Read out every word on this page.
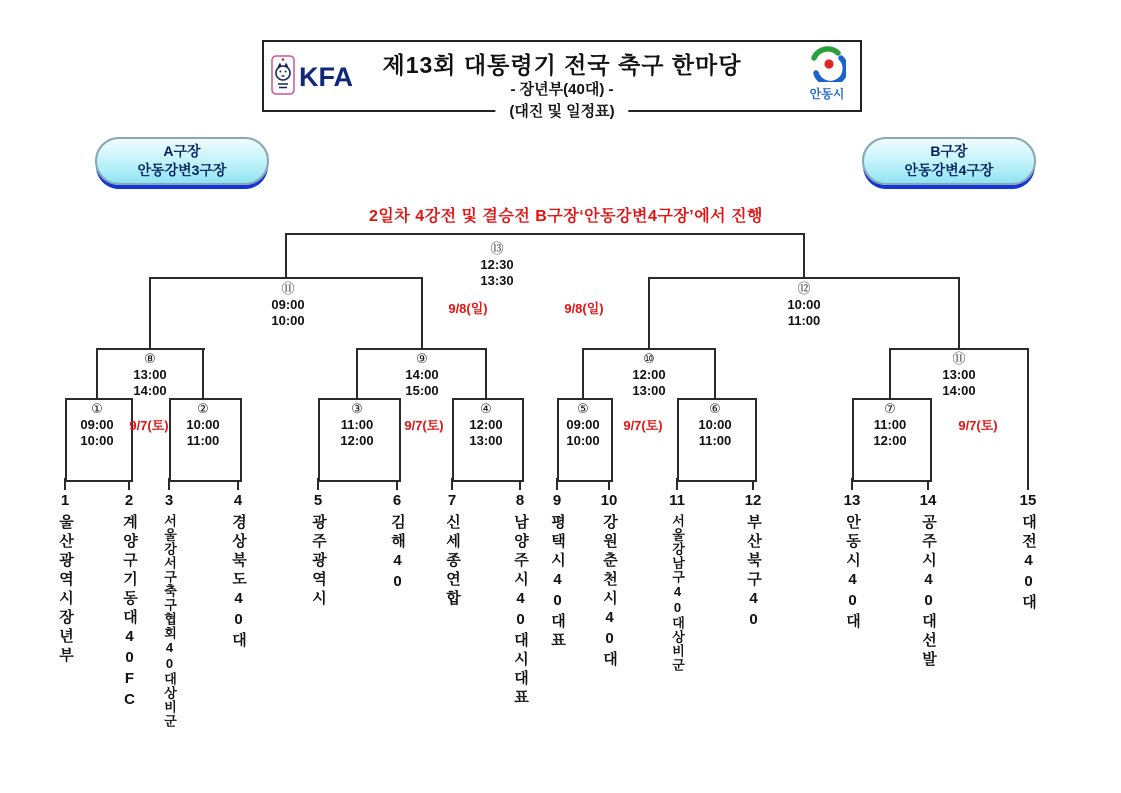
KFA	제13회 대통령기 전국 축구 한마당
- 장년부(40대) -	안동시
(대진 및 일정표)
A구장
안동강변3구장
B구장
안동강변4구장
2일차 4강전 및 결승전 B구장‘안동강변4구장’에서 진행
⑬
12:30
13:30
⑪
09:00
10:00
⑫
10:00
11:00
⑧
13:00
14:00
⑨
14:00
15:00
⑩
12:00
13:00
⑪
13:00
14:00
①
09:00
10:00
②
10:00
11:00
③
11:00
12:00
④
12:00
13:00
⑤
09:00
10:00
⑥
10:00
11:00
⑦
11:00
12:00
9/8(일)	9/8(일)
9/7(토)	9/7(토)	9/7(토)	9/7(토)
1
울산광역시장년부
2
계양구기동대40FC
3
서울강서구축구협회40대상비군
4
경상북도40대
5
광주광역시
6
김해40
7
신세종연합
8
남양주시40대시대표
9
평택시40대표
10
강원춘천시40대
11
서울강남구40대상비군
12
부산북구40
13
안동시40대
14
공주시40대선발
15
대전40대
